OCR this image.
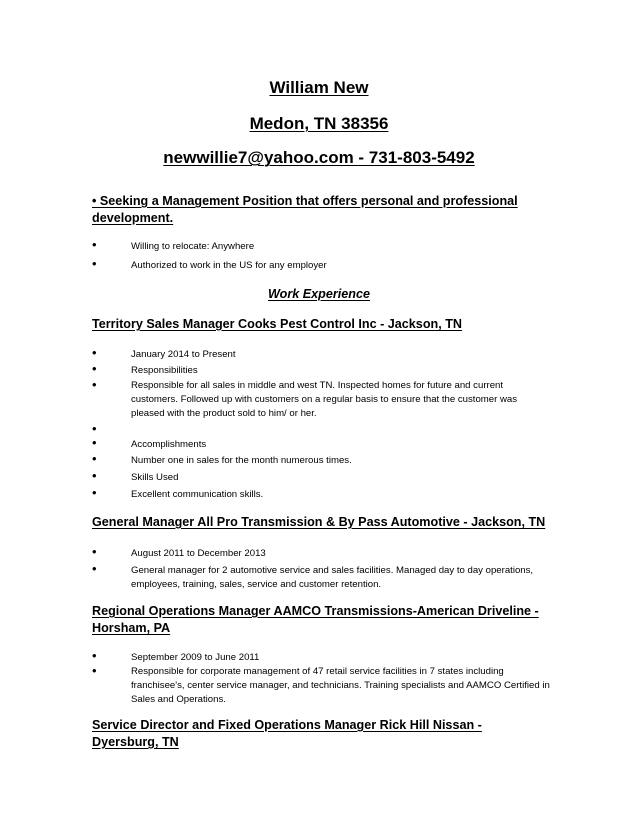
William New
Medon, TN 38356
newwillie7@yahoo.com - 731-803-5492
• Seeking a Management Position that offers personal and professional development.
•	Willing to relocate: Anywhere
•	Authorized to work in the US for any employer
Work Experience
Territory Sales Manager Cooks Pest Control Inc - Jackson, TN
•	January 2014 to Present
•	Responsibilities
•	Responsible for all sales in middle and west TN. Inspected homes for future and current customers. Followed up with customers on a regular basis to ensure that the customer was pleased with the product sold to him/ or her.
•
•	Accomplishments
•	Number one in sales for the month numerous times.
•	Skills Used
•	Excellent communication skills.
General Manager All Pro Transmission & By Pass Automotive - Jackson, TN
•	August 2011 to December 2013
•	General manager for 2 automotive service and sales facilities. Managed day to day operations, employees, training, sales, service and customer retention.
Regional Operations Manager AAMCO Transmissions-American Driveline - Horsham, PA
•	September 2009 to June 2011
•	Responsible for corporate management of 47 retail service facilities in 7 states including franchisee's, center service manager, and technicians. Training specialists and AAMCO Certified in Sales and Operations.
Service Director and Fixed Operations Manager Rick Hill Nissan - Dyersburg, TN
